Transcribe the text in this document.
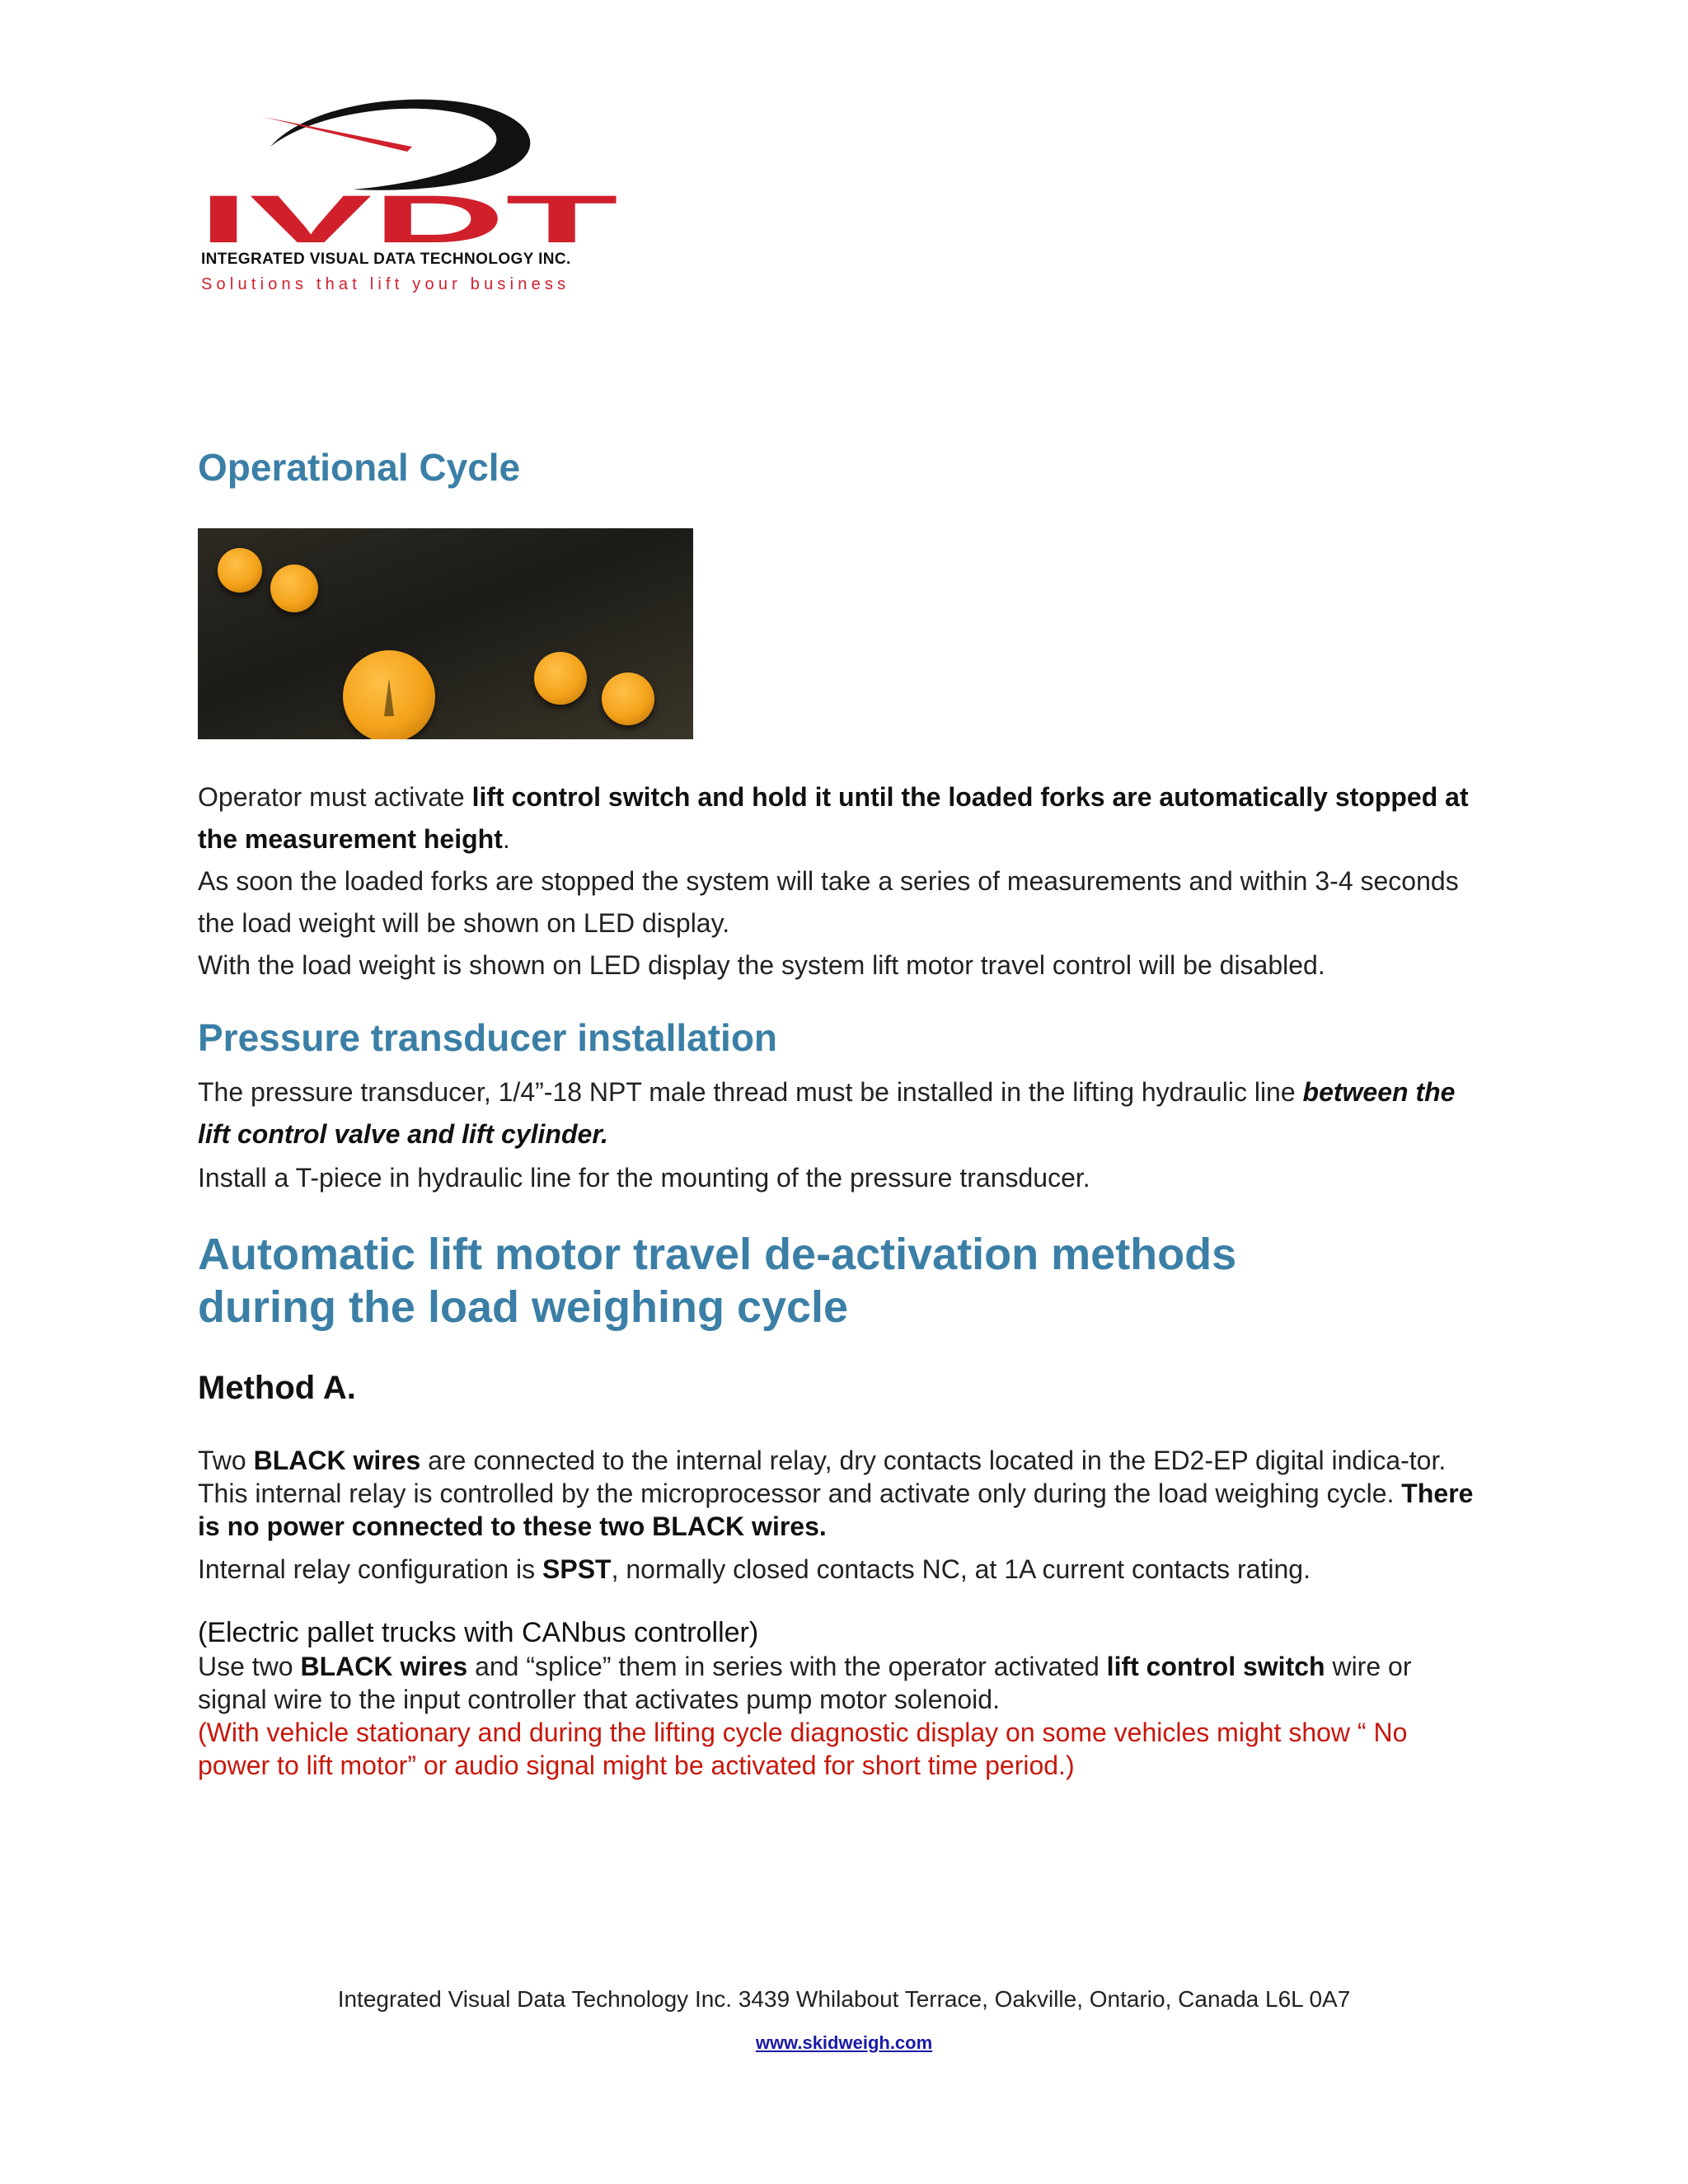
IVDT
INTEGRATED VISUAL DATA TECHNOLOGY INC.
Solutions that lift your business
Operational Cycle
Operator must activate lift control switch and hold it until the loaded forks are automatically stopped at the measurement height.

As soon the loaded forks are stopped the system will take a series of measurements and within 3-4 seconds the load weight will be shown on LED display.

With the load weight is shown on LED display the system lift motor travel control will be disabled.

Pressure transducer installation
The pressure transducer, 1/4”-18 NPT male thread must be installed in the lifting hydraulic line between the lift control valve and lift cylinder.

Install a T-piece in hydraulic line for the mounting of the pressure transducer.

Automatic lift motor travel de-activation methods
during the load weighing cycle
Method A.
Two BLACK wires are connected to the internal relay, dry contacts located in the ED2-EP digital indica-tor. This internal relay is controlled by the microprocessor and activate only during the load weighing cycle. There is no power connected to these two BLACK wires.
Internal relay configuration is SPST, normally closed contacts NC, at 1A current contacts rating.

(Electric pallet trucks with CANbus controller)

Use two BLACK wires and “splice” them in series with the operator activated lift control switch wire or signal wire to the input controller that activates pump motor solenoid.

(With vehicle stationary and during the lifting cycle diagnostic display on some vehicles might show “ No power to lift motor” or audio signal might be activated for short time period.)

Integrated Visual Data Technology Inc. 3439 Whilabout Terrace, Oakville, Ontario, Canada L6L 0A7
www.skidweigh.com
